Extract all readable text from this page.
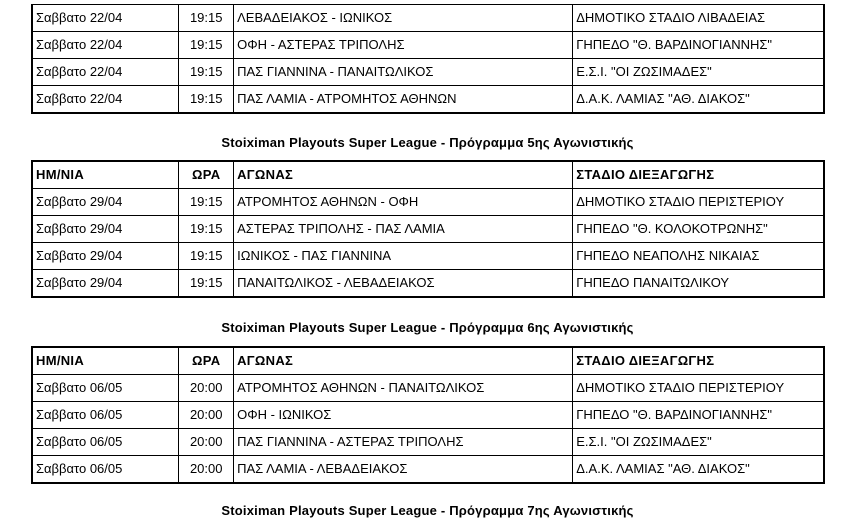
Σαββατο 22/04	19:15	ΛΕΒΑΔΕΙΑΚΟΣ - ΙΩΝΙΚΟΣ	ΔΗΜΟΤΙΚΟ ΣΤΑΔΙΟ ΛΙΒΑΔΕΙΑΣ
Σαββατο 22/04	19:15	ΟΦΗ - ΑΣΤΕΡΑΣ ΤΡΙΠΟΛΗΣ	ΓΗΠΕΔΟ "Θ. ΒΑΡΔΙΝΟΓΙΑΝΝΗΣ"
Σαββατο 22/04	19:15	ΠΑΣ ΓΙΑΝΝΙΝΑ - ΠΑΝΑΙΤΩΛΙΚΟΣ	Ε.Σ.Ι. "ΟΙ ΖΩΣΙΜΑΔΕΣ"
Σαββατο 22/04	19:15	ΠΑΣ ΛΑΜΙΑ - ΑΤΡΟΜΗΤΟΣ ΑΘΗΝΩΝ	Δ.Α.Κ. ΛΑΜΙΑΣ "ΑΘ. ΔΙΑΚΟΣ"
Stoiximan Playouts Super League - Πρόγραμμα 5ης Αγωνιστικής
ΗΜ/ΝΙΑ	ΩΡΑ	ΑΓΩΝΑΣ	ΣΤΑΔΙΟ ΔΙΕΞΑΓΩΓΗΣ
Σαββατο 29/04	19:15	ΑΤΡΟΜΗΤΟΣ ΑΘΗΝΩΝ - ΟΦΗ	ΔΗΜΟΤΙΚΟ ΣΤΑΔΙΟ ΠΕΡΙΣΤΕΡΙΟΥ
Σαββατο 29/04	19:15	ΑΣΤΕΡΑΣ ΤΡΙΠΟΛΗΣ - ΠΑΣ ΛΑΜΙΑ	ΓΗΠΕΔΟ "Θ. ΚΟΛΟΚΟΤΡΩΝΗΣ"
Σαββατο 29/04	19:15	ΙΩΝΙΚΟΣ - ΠΑΣ ΓΙΑΝΝΙΝΑ	ΓΗΠΕΔΟ ΝΕΑΠΟΛΗΣ ΝΙΚΑΙΑΣ
Σαββατο 29/04	19:15	ΠΑΝΑΙΤΩΛΙΚΟΣ - ΛΕΒΑΔΕΙΑΚΟΣ	ΓΗΠΕΔΟ ΠΑΝΑΙΤΩΛΙΚΟΥ
Stoiximan Playouts Super League - Πρόγραμμα 6ης Αγωνιστικής
ΗΜ/ΝΙΑ	ΩΡΑ	ΑΓΩΝΑΣ	ΣΤΑΔΙΟ ΔΙΕΞΑΓΩΓΗΣ
Σαββατο 06/05	20:00	ΑΤΡΟΜΗΤΟΣ ΑΘΗΝΩΝ - ΠΑΝΑΙΤΩΛΙΚΟΣ	ΔΗΜΟΤΙΚΟ ΣΤΑΔΙΟ ΠΕΡΙΣΤΕΡΙΟΥ
Σαββατο 06/05	20:00	ΟΦΗ - ΙΩΝΙΚΟΣ	ΓΗΠΕΔΟ "Θ. ΒΑΡΔΙΝΟΓΙΑΝΝΗΣ"
Σαββατο 06/05	20:00	ΠΑΣ ΓΙΑΝΝΙΝΑ - ΑΣΤΕΡΑΣ ΤΡΙΠΟΛΗΣ	Ε.Σ.Ι. "ΟΙ ΖΩΣΙΜΑΔΕΣ"
Σαββατο 06/05	20:00	ΠΑΣ ΛΑΜΙΑ - ΛΕΒΑΔΕΙΑΚΟΣ	Δ.Α.Κ. ΛΑΜΙΑΣ "ΑΘ. ΔΙΑΚΟΣ"
Stoiximan Playouts Super League - Πρόγραμμα 7ης Αγωνιστικής
